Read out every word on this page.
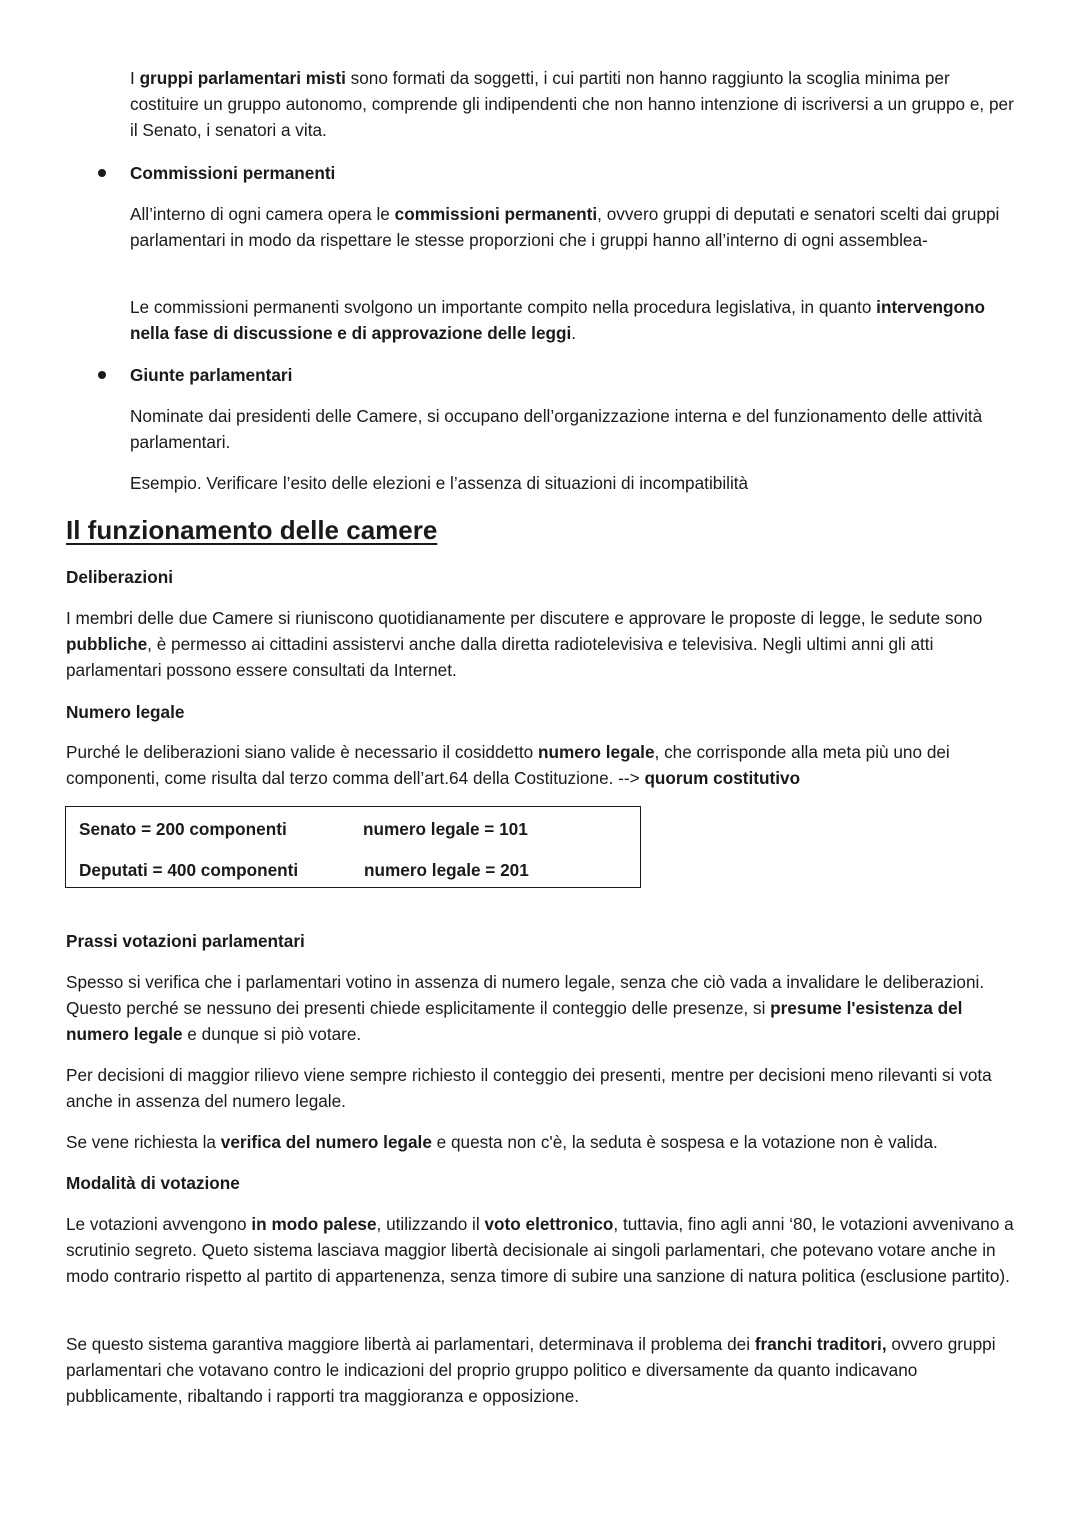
I gruppi parlamentari misti sono formati da soggetti, i cui partiti non hanno raggiunto la scoglia minima per costituire un gruppo autonomo, comprende gli indipendenti che non hanno intenzione di iscriversi a un gruppo e, per il Senato, i senatori a vita.

Commissioni permanenti

All’interno di ogni camera opera le commissioni permanenti, ovvero gruppi di deputati e senatori scelti dai gruppi parlamentari in modo da rispettare le stesse proporzioni che i gruppi hanno all’interno di ogni assemblea-

Le commissioni permanenti svolgono un importante compito nella procedura legislativa, in quanto intervengono nella fase di discussione e di approvazione delle leggi.

Giunte parlamentari

Nominate dai presidenti delle Camere, si occupano dell’organizzazione interna e del funzionamento delle attività parlamentari.

Esempio. Verificare l’esito delle elezioni e l’assenza di situazioni di incompatibilità

Il funzionamento delle camere
Deliberazioni

I membri delle due Camere si riuniscono quotidianamente per discutere e approvare le proposte di legge, le sedute sono pubbliche, è permesso ai cittadini assistervi anche dalla diretta radiotelevisiva e televisiva. Negli ultimi anni gli atti parlamentari possono essere consultati da Internet.

Numero legale

Purché le deliberazioni siano valide è necessario il cosiddetto numero legale, che corrisponde alla meta più uno dei componenti, come risulta dal terzo comma dell’art.64 della Costituzione. --> quorum costitutivo

Senato = 200 componenti	numero legale = 101
Deputati = 400 componenti	numero legale = 201
Prassi votazioni parlamentari

Spesso si verifica che i parlamentari votino in assenza di numero legale, senza che ciò vada a invalidare le deliberazioni. Questo perché se nessuno dei presenti chiede esplicitamente il conteggio delle presenze, si presume l'esistenza del numero legale e dunque si piò votare.

Per decisioni di maggior rilievo viene sempre richiesto il conteggio dei presenti, mentre per decisioni meno rilevanti si vota anche in assenza del numero legale.

Se vene richiesta la verifica del numero legale e questa non c'è, la seduta è sospesa e la votazione non è valida.

Modalità di votazione

Le votazioni avvengono in modo palese, utilizzando il voto elettronico, tuttavia, fino agli anni ‘80, le votazioni avvenivano a scrutinio segreto. Queto sistema lasciava maggior libertà decisionale ai singoli parlamentari, che potevano votare anche in modo contrario rispetto al partito di appartenenza, senza timore di subire una sanzione di natura politica (esclusione partito).

Se questo sistema garantiva maggiore libertà ai parlamentari, determinava il problema dei franchi traditori, ovvero gruppi parlamentari che votavano contro le indicazioni del proprio gruppo politico e diversamente da quanto indicavano pubblicamente, ribaltando i rapporti tra maggioranza e opposizione.
